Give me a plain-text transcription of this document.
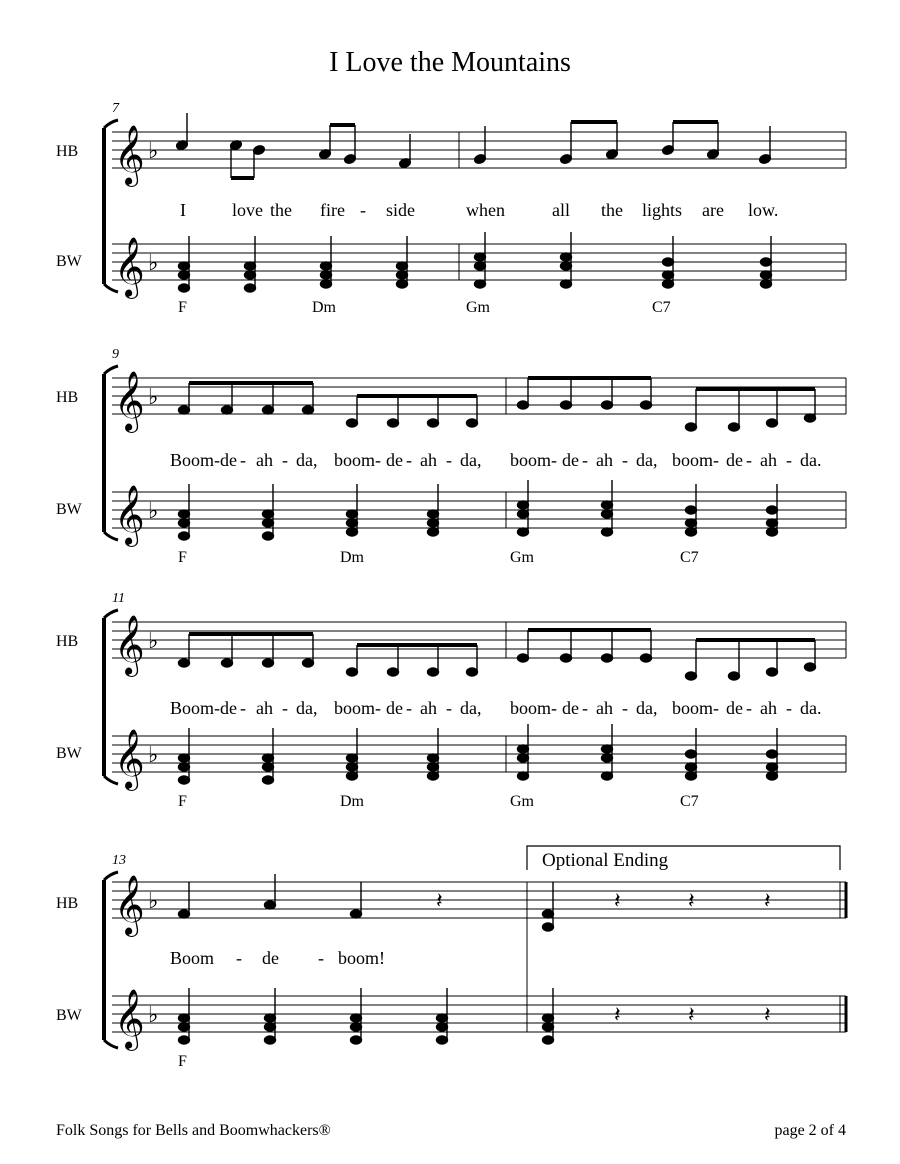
I Love the Mountains
HB
BW
7
𝄞 ♭
I	love the fire - side	when	all the lights are low.
𝄞 ♭
F	Dm	Gm	C7
HB
BW
9
𝄞 ♭
Boom- de - ah - da, boom- de - ah - da, boom- de - ah - da, boom- de - ah - da.
𝄞 ♭
F	Dm	Gm	C7
HB
BW
11
𝄞 ♭
Boom- de - ah - da, boom- de - ah - da, boom- de - ah - da, boom- de - ah - da.
𝄞 ♭
F	Dm	Gm	C7
HB
BW
13	Optional Ending
𝄞 ♭	𝄽	𝄽	𝄽	𝄽
Boom - de - boom!
𝄞 ♭	𝄽	𝄽	𝄽
F
Folk Songs for Bells and Boomwhackers®	page 2 of 4
